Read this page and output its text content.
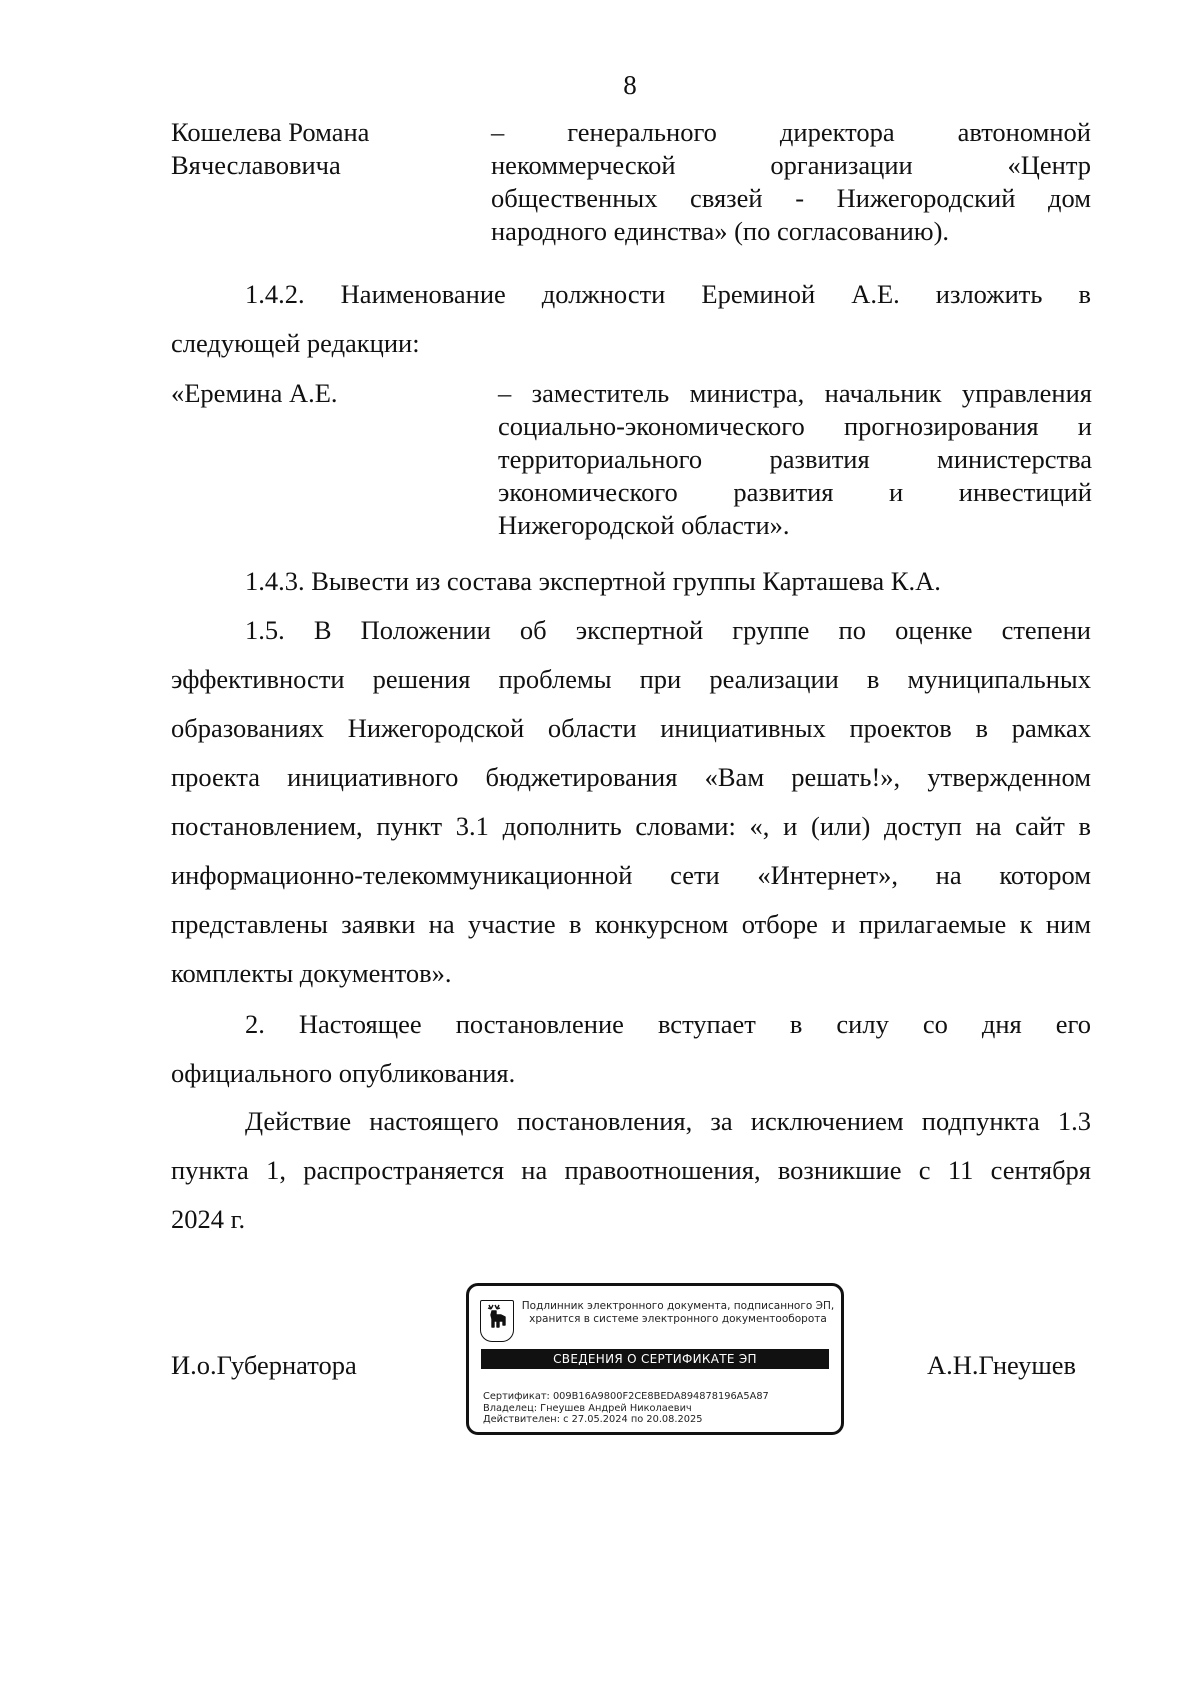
8
Кошелева Романа
Вячеславовича
– генерального директора автономной
некоммерческой организации «Центр
общественных связей - Нижегородский дом
народного единства» (по согласованию).
1.4.2. Наименование должности Ереминой А.Е. изложить в
следующей редакции:
«Еремина А.Е.	– заместитель министра, начальник управления
социально-экономического прогнозирования и
территориального развития министерства
экономического развития и инвестиций
Нижегородской области».
1.4.3. Вывести из состава экспертной группы Карташева К.А.
1.5. В Положении об экспертной группе по оценке степени
эффективности решения проблемы при реализации в муниципальных
образованиях Нижегородской области инициативных проектов в рамках
проекта инициативного бюджетирования «Вам решать!», утвержденном
постановлением, пункт 3.1 дополнить словами: «, и (или) доступ на сайт в
информационно-телекоммуникационной сети «Интернет», на котором
представлены заявки на участие в конкурсном отборе и прилагаемые к ним
комплекты документов».
2. Настоящее постановление вступает в силу со дня его
официального опубликования.
Действие настоящего постановления, за исключением подпункта 1.3
пункта 1, распространяется на правоотношения, возникшие с 11 сентября
2024 г.
И.о.Губернатора	А.Н.Гнеушев
Подлинник электронного документа, подписанного ЭП,
хранится в системе электронного документооборота
СВЕДЕНИЯ О СЕРТИФИКАТЕ ЭП
Сертификат: 009B16A9800F2CE8BEDA894878196A5A87
Владелец: Гнеушев Андрей Николаевич
Действителен: с 27.05.2024 по 20.08.2025
